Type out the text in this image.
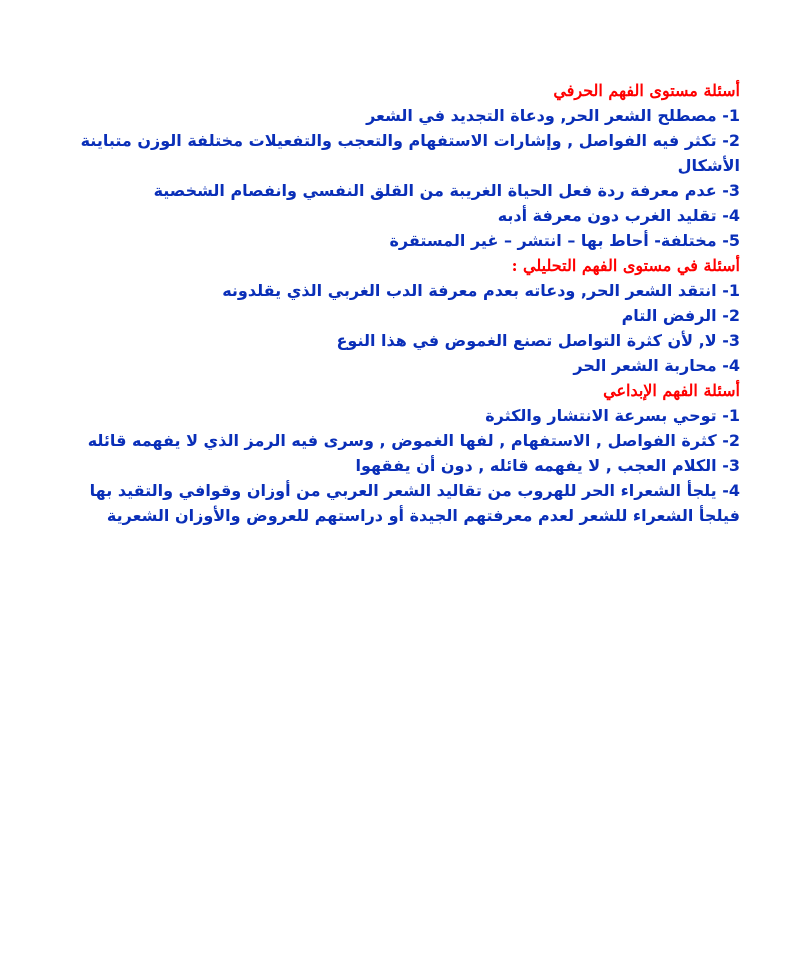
أسئلة مستوى الفهم الحرفي

1- مصطلح الشعر الحر, ودعاة التجديد في الشعر

2- تكثر فيه الفواصل , وإشارات الاستفهام والتعجب والتفعيلات مختلفة الوزن متباينة الأشكال

3- عدم معرفة ردة فعل الحياة الغريبة من القلق النفسي وانفصام الشخصية

4- تقليد الغرب دون معرفة أدبه

5- مختلفة- أحاط بها – انتشر – غير المستقرة

أسئلة في مستوى الفهم التحليلي :

1- انتقد الشعر الحر, ودعاته بعدم معرفة الدب الغربي الذي يقلدونه

2- الرفض التام

3- لا, لأن كثرة التواصل تصنع الغموض في هذا النوع

4- محاربة الشعر الحر

أسئلة الفهم الإبداعي

1- توحي بسرعة الانتشار والكثرة

2- كثرة الفواصل , الاستفهام , لفها الغموض , وسرى فيه الرمز الذي لا يفهمه قائله

3- الكلام العجب , لا يفهمه قائله , دون أن يفقهوا

4- يلجأ الشعراء الحر للهروب من تقاليد الشعر العربي من أوزان وقوافي والتقيد بها فيلجأ الشعراء للشعر لعدم معرفتهم الجيدة أو دراستهم للعروض والأوزان الشعرية
